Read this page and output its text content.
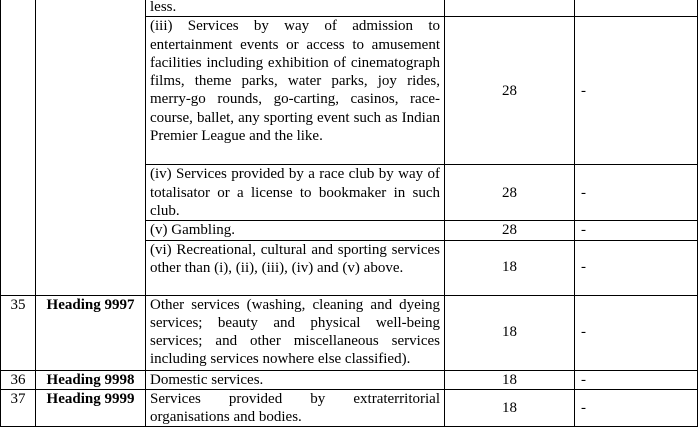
		less.		
		(iii) Services by way of admission to entertainment events or access to amusement facilities including exhibition of cinematograph films, theme parks, water parks, joy rides, merry-go rounds, go-carting, casinos, race-course, ballet, any sporting event such as Indian Premier League and the like.	28	-
		(iv) Services provided by a race club by way of totalisator or a license to bookmaker in such club.	28	-
		(v) Gambling.	28	-
		(vi) Recreational, cultural and sporting services other than (i), (ii), (iii), (iv) and (v) above.	18	-
35	Heading 9997	Other services (washing, cleaning and dyeing services; beauty and physical well-being services; and other miscellaneous services including services nowhere else classified).	18	-
36	Heading 9998	Domestic services.	18	-
37	Heading 9999	Services provided by extraterritorial organisations and bodies.	18	-
